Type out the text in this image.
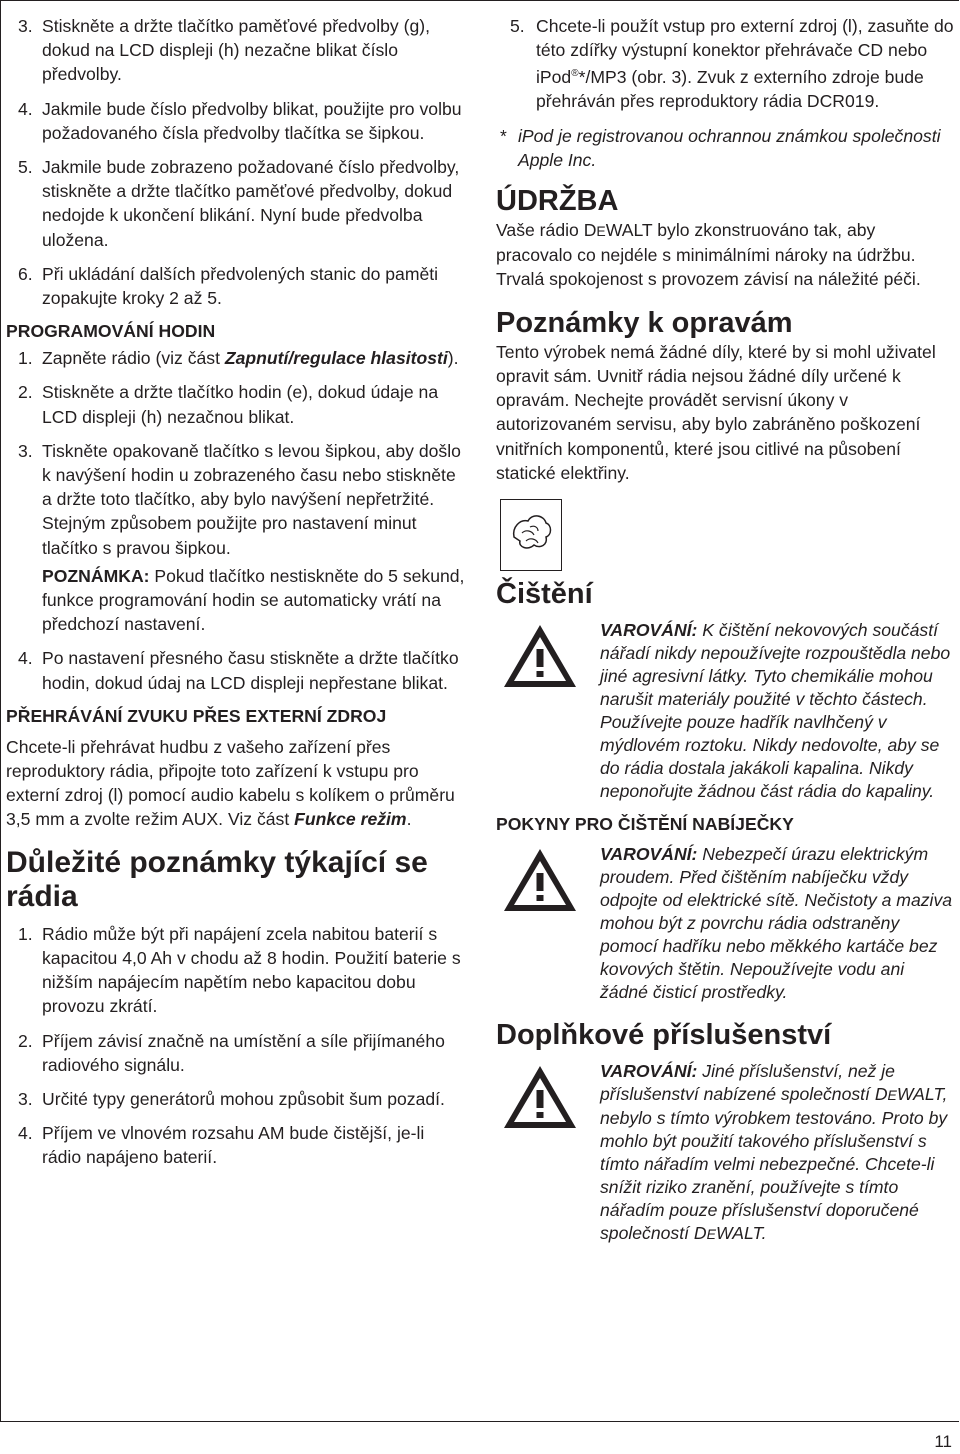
3. Stiskněte a držte tlačítko paměťové předvolby (g), dokud na LCD displeji (h) nezačne blikat číslo předvolby.
4. Jakmile bude číslo předvolby blikat, použijte pro volbu požadovaného čísla předvolby tlačítka se šipkou.
5. Jakmile bude zobrazeno požadované číslo předvolby, stiskněte a držte tlačítko paměťové předvolby, dokud nedojde k ukončení blikání. Nyní bude předvolba uložena.
6. Při ukládání dalších předvolených stanic do paměti zopakujte kroky 2 až 5.
PROGRAMOVÁNÍ HODIN
1. Zapněte rádio (viz část Zapnutí/regulace hlasitosti).
2. Stiskněte a držte tlačítko hodin (e), dokud údaje na LCD displeji (h) nezačnou blikat.
3. Tiskněte opakovaně tlačítko s levou šipkou, aby došlo k navýšení hodin u zobrazeného času nebo stiskněte a držte toto tlačítko, aby bylo navýšení nepřetržité. Stejným způsobem použijte pro nastavení minut tlačítko s pravou šipkou.

POZNÁMKA: Pokud tlačítko nestiskněte do 5 sekund, funkce programování hodin se automaticky vrátí na předchozí nastavení.

4. Po nastavení přesného času stiskněte a držte tlačítko hodin, dokud údaj na LCD displeji nepřestane blikat.
PŘEHRÁVÁNÍ ZVUKU PŘES EXTERNÍ ZDROJ

Chcete-li přehrávat hudbu z vašeho zařízení přes reproduktory rádia, připojte toto zařízení k vstupu pro externí zdroj (l) pomocí audio kabelu s kolíkem o průměru 3,5 mm a zvolte režim AUX. Viz část Funkce režim.

Důležité poznámky týkající se rádia
1. Rádio může být při napájení zcela nabitou baterií s kapacitou 4,0 Ah v chodu až 8 hodin. Použití baterie s nižším napájecím napětím nebo kapacitou dobu provozu zkrátí.
2. Příjem závisí značně na umístění a síle přijímaného radiového signálu.
3. Určité typy generátorů mohou způsobit šum pozadí.
4. Příjem ve vlnovém rozsahu AM bude čistější, je-li rádio napájeno baterií.
5. Chcete-li použít vstup pro externí zdroj (l), zasuňte do této zdířky výstupní konektor přehrávače CD nebo iPod®*/MP3 (obr. 3). Zvuk z externího zdroje bude přehráván přes reproduktory rádia DCR019.

* iPod je registrovanou ochrannou známkou společnosti Apple Inc.

ÚDRŽBA

Vaše rádio DEWALT bylo zkonstruováno tak, aby pracovalo co nejdéle s minimálními nároky na údržbu. Trvalá spokojenost s provozem závisí na náležité péči.

Poznámky k opravám

Tento výrobek nemá žádné díly, které by si mohl uživatel opravit sám. Uvnitř rádia nejsou žádné díly určené k opravám. Nechejte provádět servisní úkony v autorizovaném servisu, aby bylo zabráněno poškození vnitřních komponentů, které jsou citlivé na působení statické elektřiny.

Čištění

VAROVÁNÍ: K čištění nekovových součástí nářadí nikdy nepoužívejte rozpouštědla nebo jiné agresivní látky. Tyto chemikálie mohou narušit materiály použité v těchto částech. Používejte pouze hadřík navlhčený v mýdlovém roztoku. Nikdy nedovolte, aby se do rádia dostala jakákoli kapalina. Nikdy neponořujte žádnou část rádia do kapaliny.

POKYNY PRO ČIŠTĚNÍ NABÍJEČKY

VAROVÁNÍ: Nebezpečí úrazu elektrickým proudem. Před čištěním nabíječku vždy odpojte od elektrické sítě. Nečistoty a maziva mohou být z povrchu rádia odstraněny pomocí hadříku nebo měkkého kartáče bez kovových štětin. Nepoužívejte vodu ani žádné čisticí prostředky.

Doplňkové příslušenství

VAROVÁNÍ: Jiné příslušenství, než je příslušenství nabízené společností DEWALT, nebylo s tímto výrobkem testováno. Proto by mohlo být použití takového příslušenství s tímto nářadím velmi nebezpečné. Chcete-li snížit riziko zranění, používejte s tímto nářadím pouze příslušenství doporučené společností DEWALT.

11
